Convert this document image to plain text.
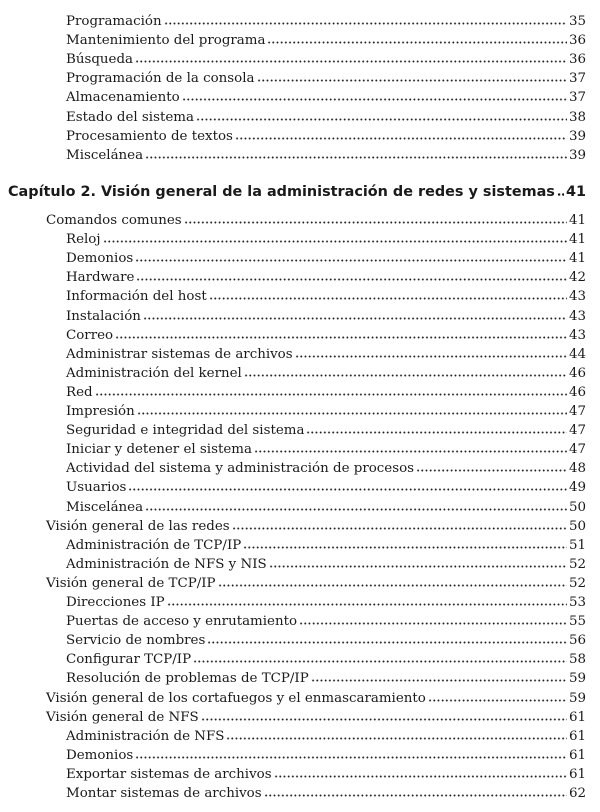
Programación	35
Mantenimiento del programa	36
Búsqueda	36
Programación de la consola	37
Almacenamiento	37
Estado del sistema	38
Procesamiento de textos	39
Miscelánea	39
Capítulo 2. Visión general de la administración de redes y sistemas 41
Comandos comunes	41
Reloj	41
Demonios	41
Hardware	42
Información del host	43
Instalación	43
Correo	43
Administrar sistemas de archivos	44
Administración del kernel	46
Red	46
Impresión	47
Seguridad e integridad del sistema	47
Iniciar y detener el sistema	47
Actividad del sistema y administración de procesos	48
Usuarios	49
Miscelánea	50
Visión general de las redes	50
Administración de TCP/IP	51
Administración de NFS y NIS	52
Visión general de TCP/IP	52
Direcciones IP	53
Puertas de acceso y enrutamiento	55
Servicio de nombres	56
Configurar TCP/IP	58
Resolución de problemas de TCP/IP	59
Visión general de los cortafuegos y el enmascaramiento	59
Visión general de NFS	61
Administración de NFS	61
Demonios	61
Exportar sistemas de archivos	61
Montar sistemas de archivos	62
